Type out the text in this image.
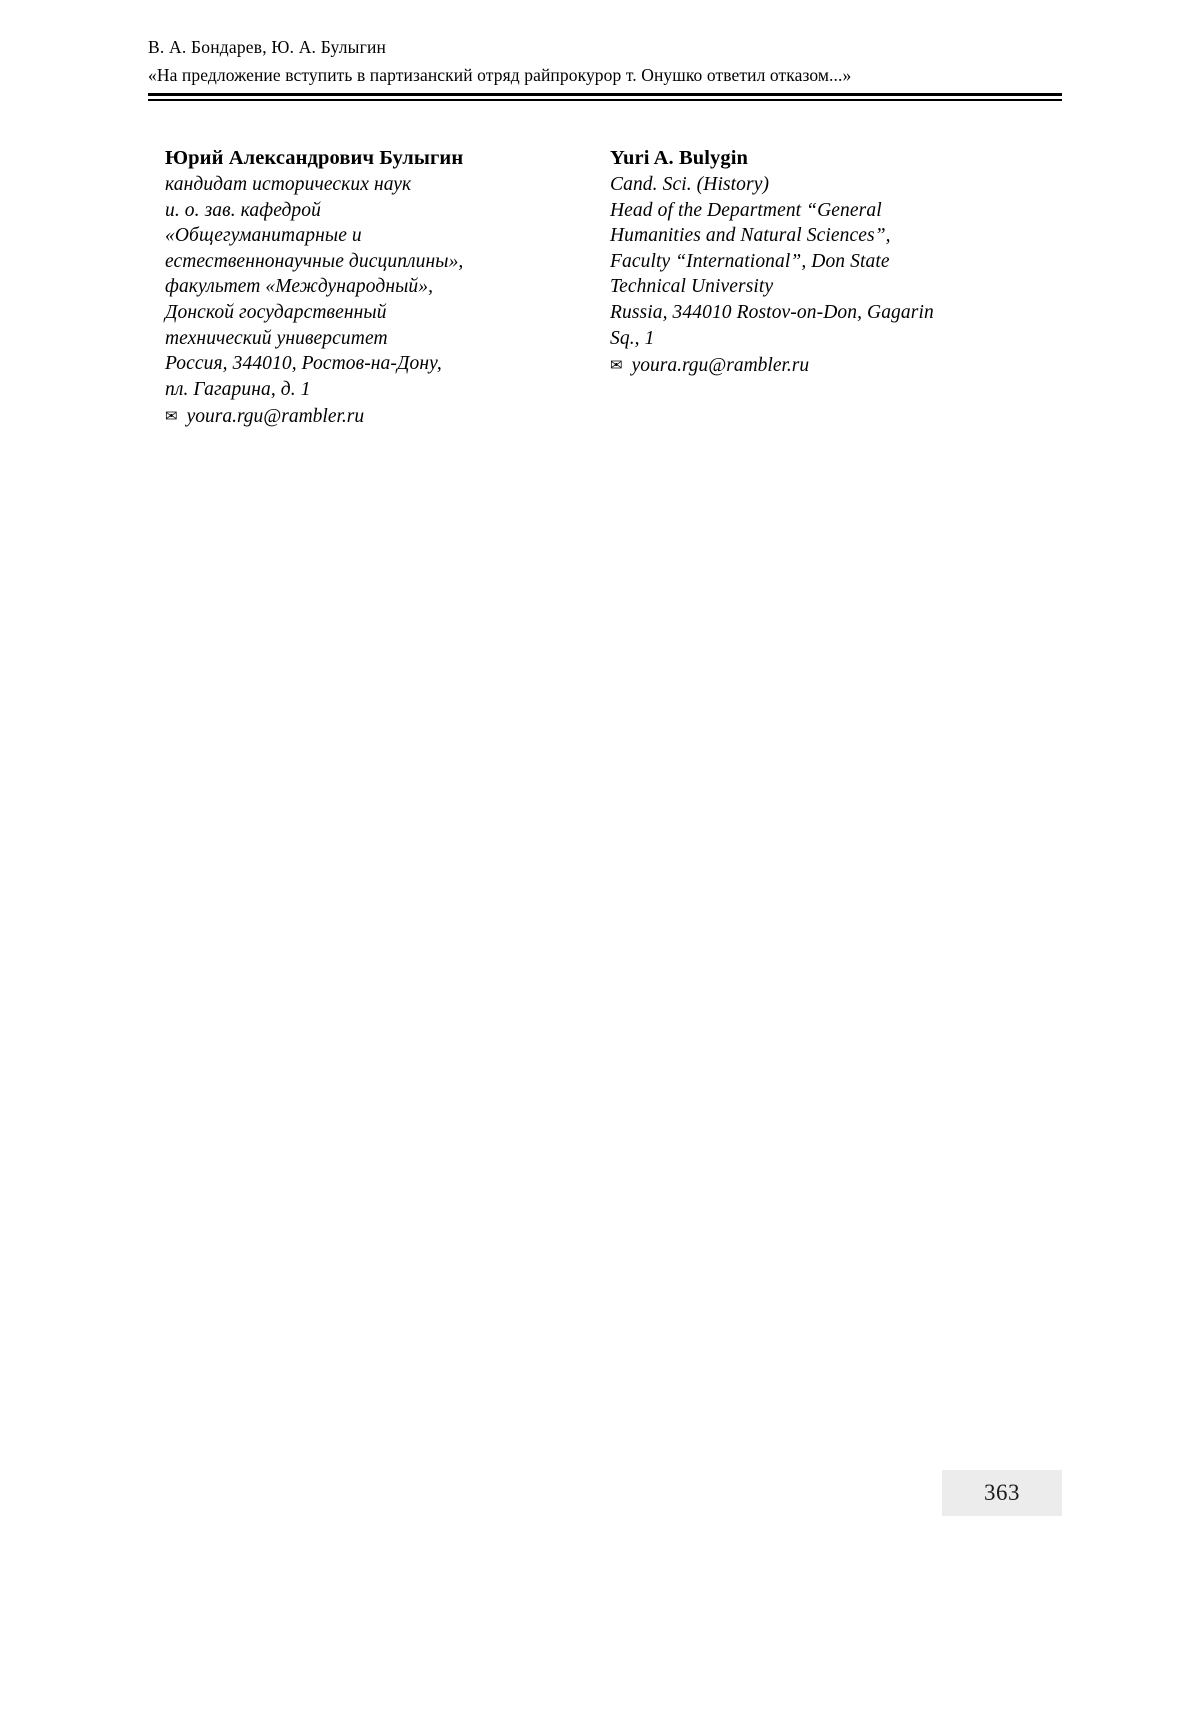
В. А. Бондарев, Ю. А. Булыгин
«На предложение вступить в партизанский отряд райпрокурор т. Онушко ответил отказом...»

Юрий Александрович Булыгин

кандидат исторических наук

и. о. зав. кафедрой

«Общегуманитарные и

естественнонаучные дисциплины»,

факультет «Международный»,

Донской государственный

технический университет

Россия, 344010, Ростов-на-Дону,

пл. Гагарина, д. 1

✉ youra.rgu@rambler.ru

Yuri A. Bulygin

Cand. Sci. (History)

Head of the Department “General

Humanities and Natural Sciences”,

Faculty “International”, Don State

Technical University

Russia, 344010 Rostov-on-Don, Gagarin

Sq., 1

✉ youra.rgu@rambler.ru

363
